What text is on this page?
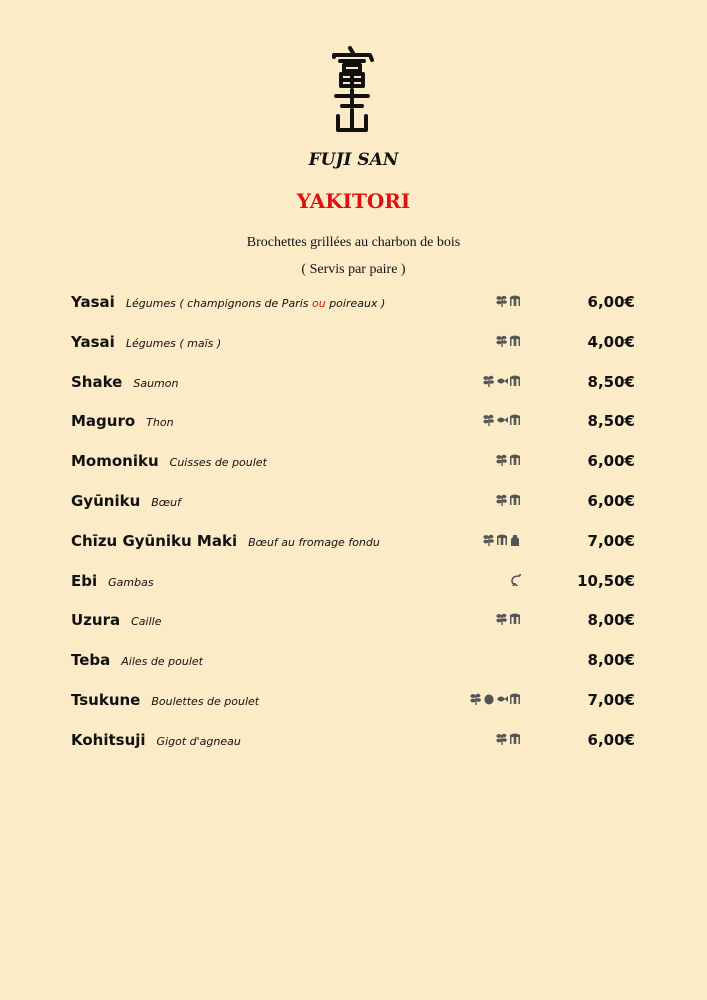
FUJI SAN
YAKITORI
Brochettes grillées au charbon de bois
( Servis par paire )
Yasai Légumes ( champignons de Paris ou poireaux )	6,00€
Yasai Légumes ( maïs )	4,00€
Shake Saumon	8,50€
Maguro Thon	8,50€
Momoniku Cuisses de poulet	6,00€
Gyūniku Bœuf	6,00€
Chīzu Gyūniku Maki Bœuf au fromage fondu	7,00€
Ebi Gambas	10,50€
Uzura Caille	8,00€
Teba Ailes de poulet	8,00€
Tsukune Boulettes de poulet	7,00€
Kohitsuji Gigot d'agneau	6,00€
